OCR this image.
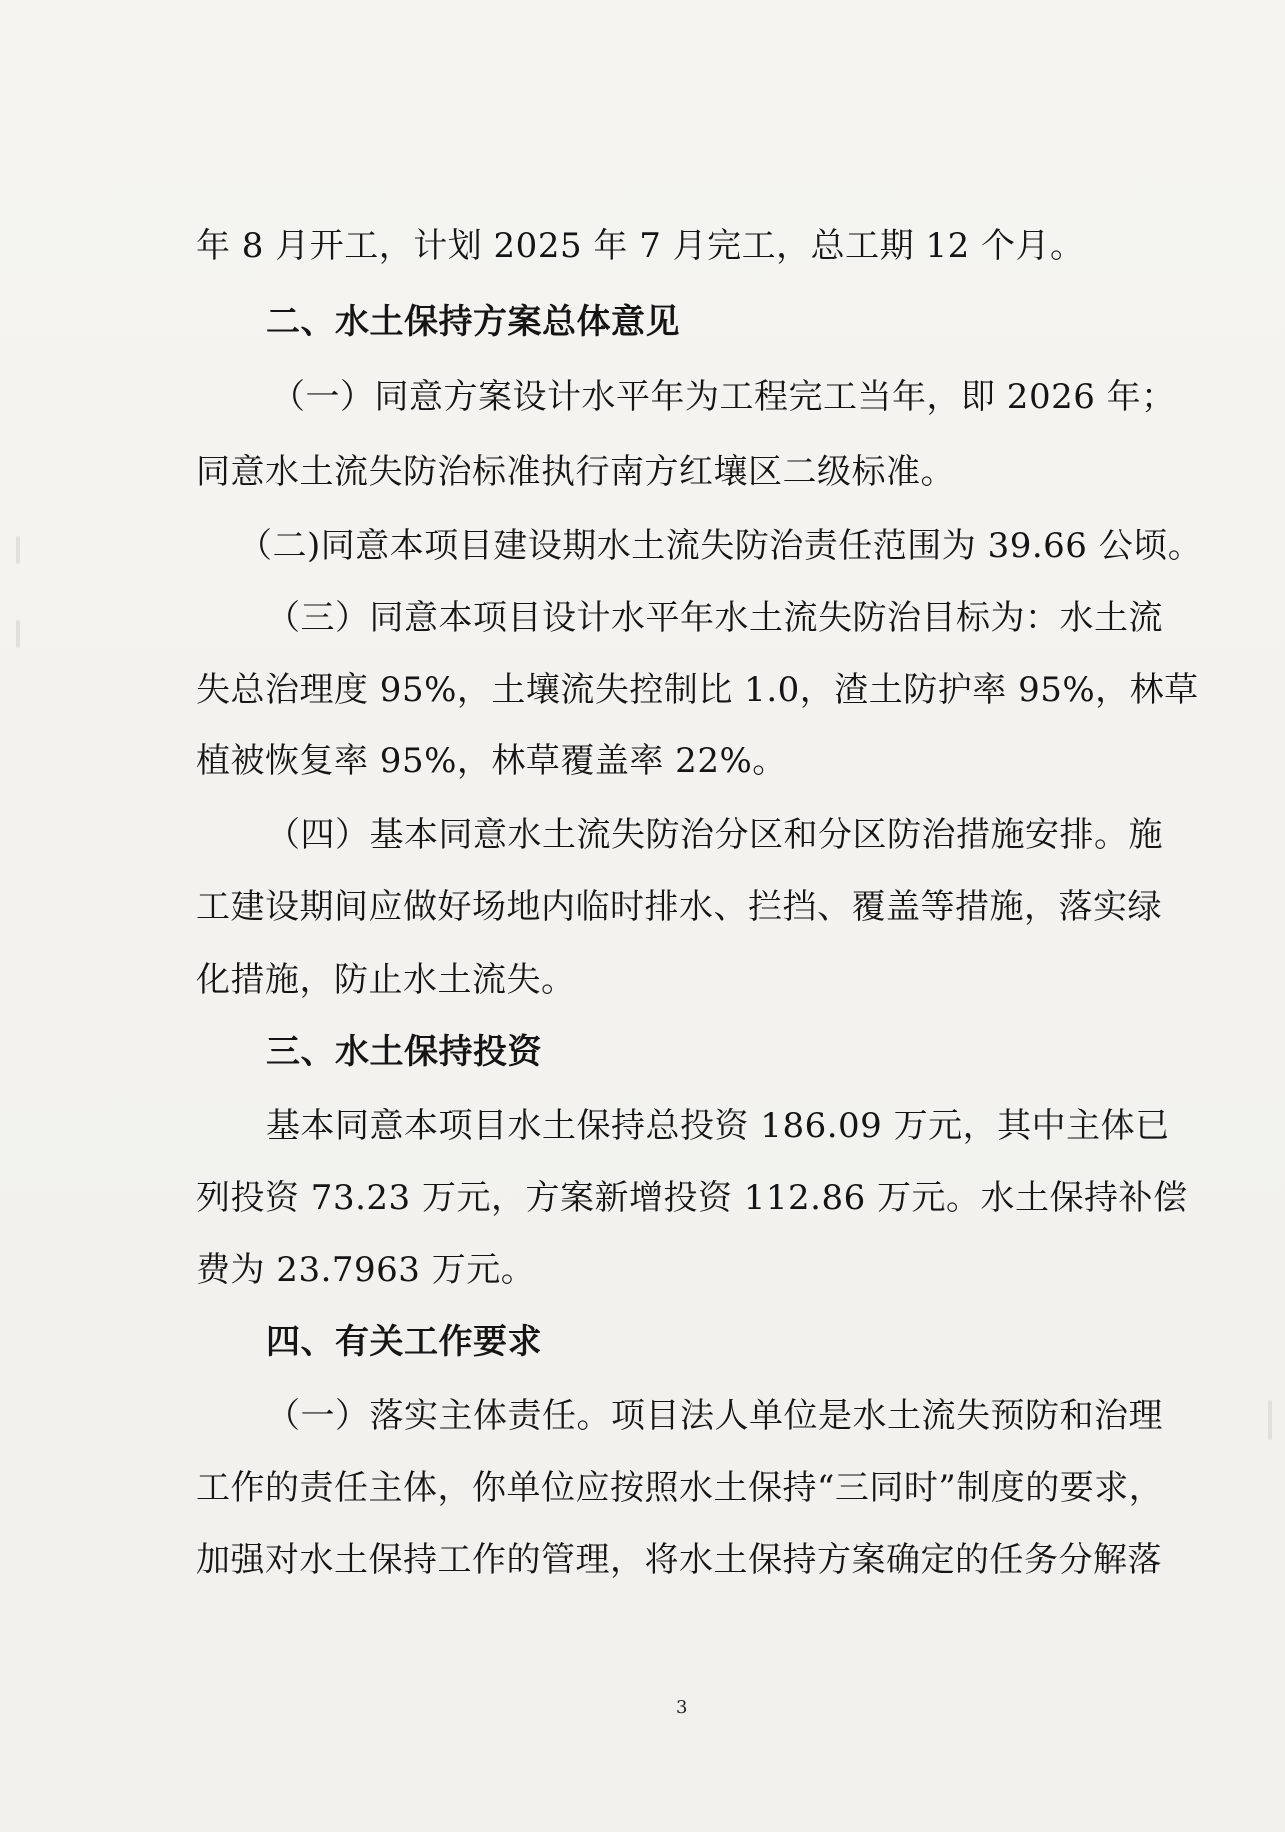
年 8 月开工，计划 2025 年 7 月完工，总工期 12 个月。
二、水土保持方案总体意见
（一）同意方案设计水平年为工程完工当年，即 2026 年；
同意水土流失防治标准执行南方红壤区二级标准。
（二)同意本项目建设期水土流失防治责任范围为 39.66 公顷。
（三）同意本项目设计水平年水土流失防治目标为：水土流
失总治理度 95%，土壤流失控制比 1.0，渣土防护率 95%，林草
植被恢复率 95%，林草覆盖率 22%。
（四）基本同意水土流失防治分区和分区防治措施安排。施
工建设期间应做好场地内临时排水、拦挡、覆盖等措施，落实绿
化措施，防止水土流失。
三、水土保持投资
基本同意本项目水土保持总投资 186.09 万元，其中主体已
列投资 73.23 万元，方案新增投资 112.86 万元。水土保持补偿
费为 23.7963 万元。
四、有关工作要求
（一）落实主体责任。项目法人单位是水土流失预防和治理
工作的责任主体，你单位应按照水土保持“三同时”制度的要求，
加强对水土保持工作的管理，将水土保持方案确定的任务分解落
3
